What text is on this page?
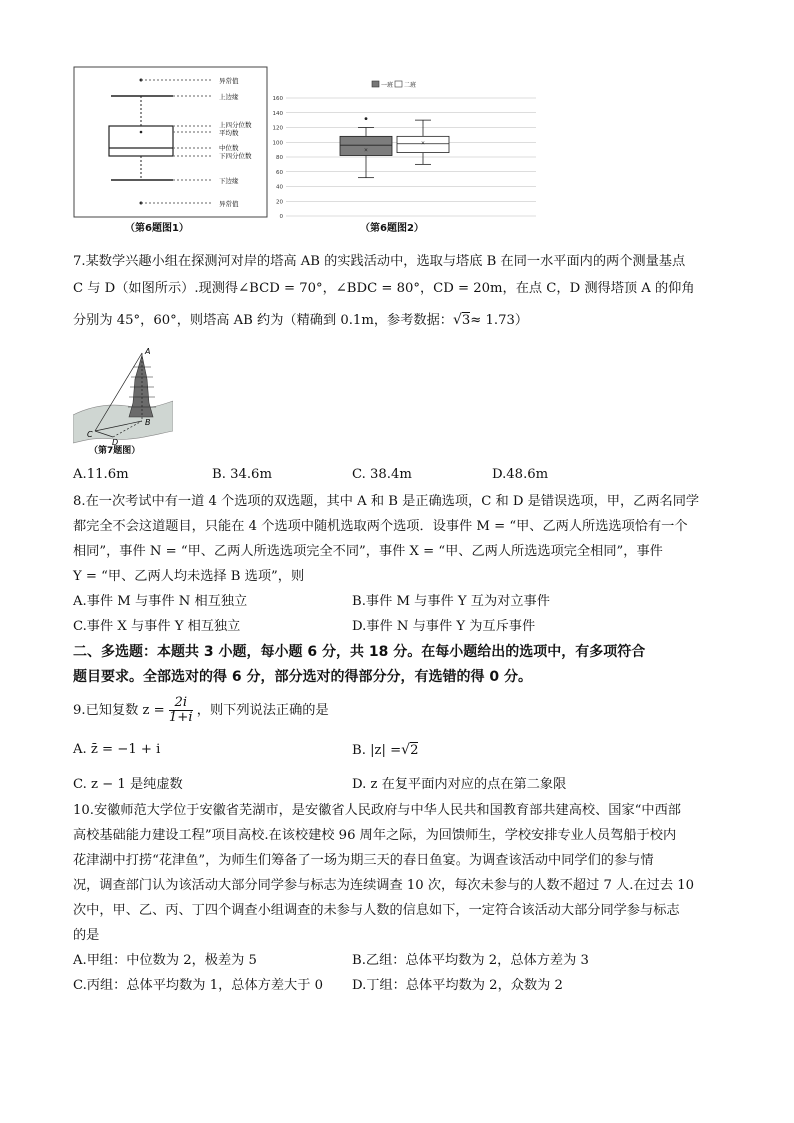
异常值
上边缘
上四分位数
平均数
中位数
下四分位数
下边缘
异常值
（第6题图1）
160
140
120
100
80
60
40
20
0
×
×
一班 二班
（第6题图2）
7.某数学兴趣小组在探测河对岸的塔高 AB 的实践活动中，选取与塔底 B 在同一水平面内的两个测量基点
C 与 D（如图所示）.现测得∠BCD = 70°，∠BDC = 80°，CD = 20m，在点 C，D 测得塔顶 A 的仰角
分别为 45°，60°，则塔高 AB 约为（精确到 0.1m，参考数据：√3≈ 1.73）
A
B
C
D
（第7题图）
A.11.6m	B. 34.6m	C. 38.4m	D.48.6m
8.在一次考试中有一道 4 个选项的双选题，其中 A 和 B 是正确选项，C 和 D 是错误选项，甲，乙两名同学
都完全不会这道题目，只能在 4 个选项中随机选取两个选项．设事件 M = “甲、乙两人所选选项恰有一个
相同”，事件 N = “甲、乙两人所选选项完全不同”，事件 X = “甲、乙两人所选选项完全相同”，事件
Y = “甲、乙两人均未选择 B 选项”，则
A.事件 M 与事件 N 相互独立	B.事件 M 与事件 Y 互为对立事件
C.事件 X 与事件 Y 相互独立	D.事件 N 与事件 Y 为互斥事件
二、多选题：本题共 3 小题，每小题 6 分，共 18 分。在每小题给出的选项中，有多项符合
题目要求。全部选对的得 6 分，部分选对的得部分分，有选错的得 0 分。
9.已知复数 $z = \frac{2i}{1+i}$ ，则下列说法正确的是
A. z̄ = −1 + i	B. |z| =√2
C. z − 1 是纯虚数	D. z 在复平面内对应的点在第二象限
10.安徽师范大学位于安徽省芜湖市，是安徽省人民政府与中华人民共和国教育部共建高校、国家“中西部
高校基础能力建设工程”项目高校.在该校建校 96 周年之际，为回馈师生，学校安排专业人员驾船于校内
花津湖中打捞“花津鱼”，为师生们筹备了一场为期三天的春日鱼宴。为调查该活动中同学们的参与情
况，调查部门认为该活动大部分同学参与标志为连续调查 10 次，每次未参与的人数不超过 7 人.在过去 10
次中，甲、乙、丙、丁四个调查小组调查的未参与人数的信息如下，一定符合该活动大部分同学参与标志
的是
A.甲组：中位数为 2，极差为 5	B.乙组：总体平均数为 2，总体方差为 3
C.丙组：总体平均数为 1，总体方差大于 0 D.丁组：总体平均数为 2，众数为 2
